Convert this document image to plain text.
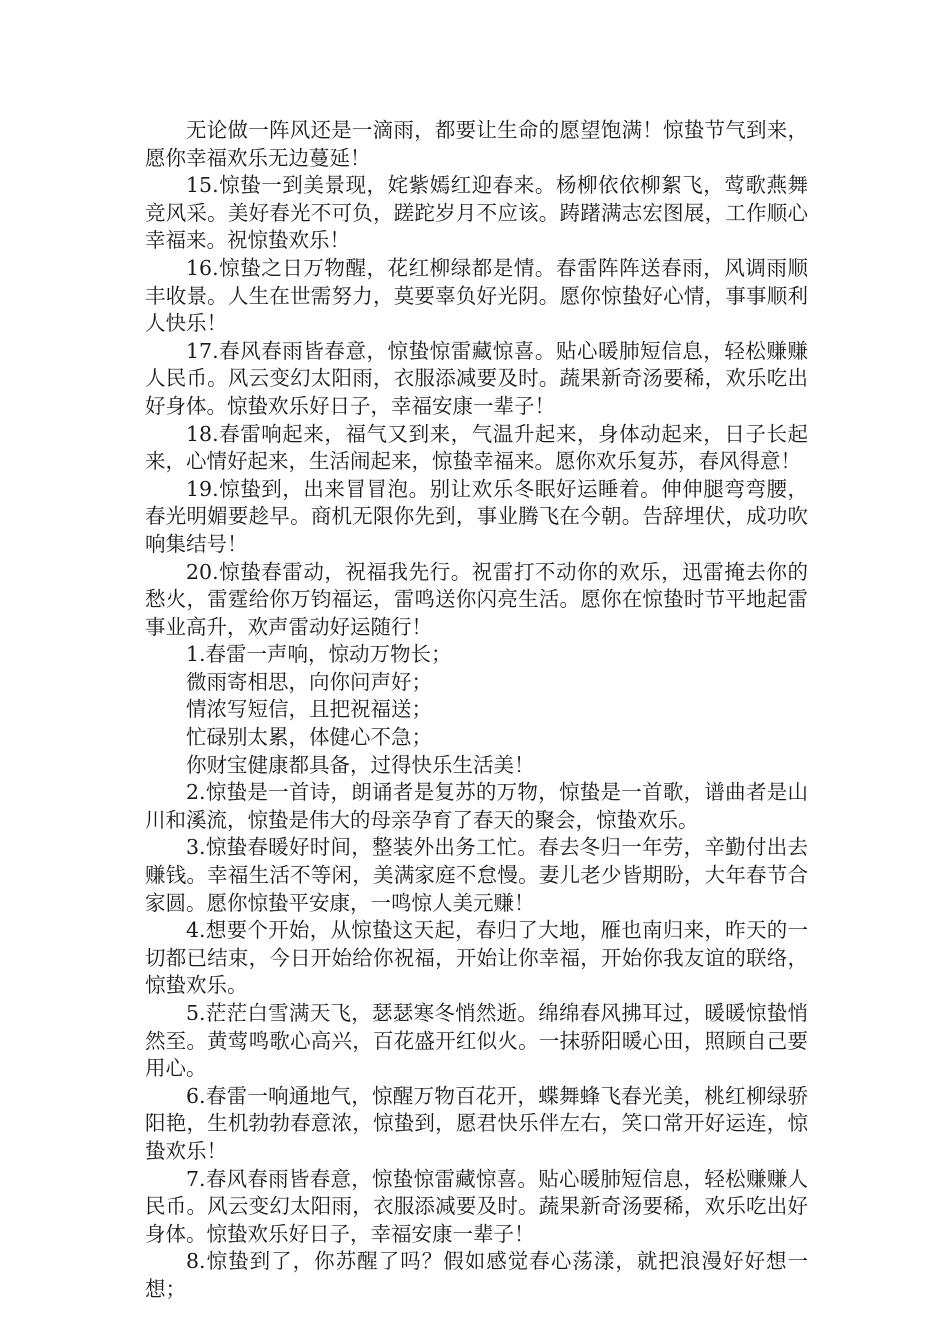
无论做一阵风还是一滴雨，都要让生命的愿望饱满！惊蛰节气到来，愿你幸福欢乐无边蔓延！

15.惊蛰一到美景现，姹紫嫣红迎春来。杨柳依依柳絮飞，莺歌燕舞竞风采。美好春光不可负，蹉跎岁月不应该。踌躇满志宏图展，工作顺心幸福来。祝惊蛰欢乐！

16.惊蛰之日万物醒，花红柳绿都是情。春雷阵阵送春雨，风调雨顺丰收景。人生在世需努力，莫要辜负好光阴。愿你惊蛰好心情，事事顺利人快乐！

17.春风春雨皆春意，惊蛰惊雷藏惊喜。贴心暖肺短信息，轻松赚赚人民币。风云变幻太阳雨，衣服添减要及时。蔬果新奇汤要稀，欢乐吃出好身体。惊蛰欢乐好日子，幸福安康一辈子！

18.春雷响起来，福气又到来，气温升起来，身体动起来，日子长起来，心情好起来，生活闹起来，惊蛰幸福来。愿你欢乐复苏，春风得意！

19.惊蛰到，出来冒冒泡。别让欢乐冬眠好运睡着。伸伸腿弯弯腰，春光明媚要趁早。商机无限你先到，事业腾飞在今朝。告辞埋伏，成功吹响集结号！

20.惊蛰春雷动，祝福我先行。祝雷打不动你的欢乐，迅雷掩去你的愁火，雷霆给你万钧福运，雷鸣送你闪亮生活。愿你在惊蛰时节平地起雷事业高升，欢声雷动好运随行！

1.春雷一声响，惊动万物长；

微雨寄相思，向你问声好；

情浓写短信，且把祝福送；

忙碌别太累，体健心不急；

你财宝健康都具备，过得快乐生活美！

2.惊蛰是一首诗，朗诵者是复苏的万物，惊蛰是一首歌，谱曲者是山川和溪流，惊蛰是伟大的母亲孕育了春天的聚会，惊蛰欢乐。

3.惊蛰春暖好时间，整装外出务工忙。春去冬归一年劳，辛勤付出去赚钱。幸福生活不等闲，美满家庭不怠慢。妻儿老少皆期盼，大年春节合家圆。愿你惊蛰平安康，一鸣惊人美元赚！

4.想要个开始，从惊蛰这天起，春归了大地，雁也南归来，昨天的一切都已结束，今日开始给你祝福，开始让你幸福，开始你我友谊的联络，惊蛰欢乐。

5.茫茫白雪满天飞，瑟瑟寒冬悄然逝。绵绵春风拂耳过，暖暖惊蛰悄然至。黄莺鸣歌心高兴，百花盛开红似火。一抹骄阳暖心田，照顾自己要用心。

6.春雷一响通地气，惊醒万物百花开，蝶舞蜂飞春光美，桃红柳绿骄阳艳，生机勃勃春意浓，惊蛰到，愿君快乐伴左右，笑口常开好运连，惊蛰欢乐！

7.春风春雨皆春意，惊蛰惊雷藏惊喜。贴心暖肺短信息，轻松赚赚人民币。风云变幻太阳雨，衣服添减要及时。蔬果新奇汤要稀，欢乐吃出好身体。惊蛰欢乐好日子，幸福安康一辈子！

8.惊蛰到了，你苏醒了吗？假如感觉春心荡漾，就把浪漫好好想一想；
